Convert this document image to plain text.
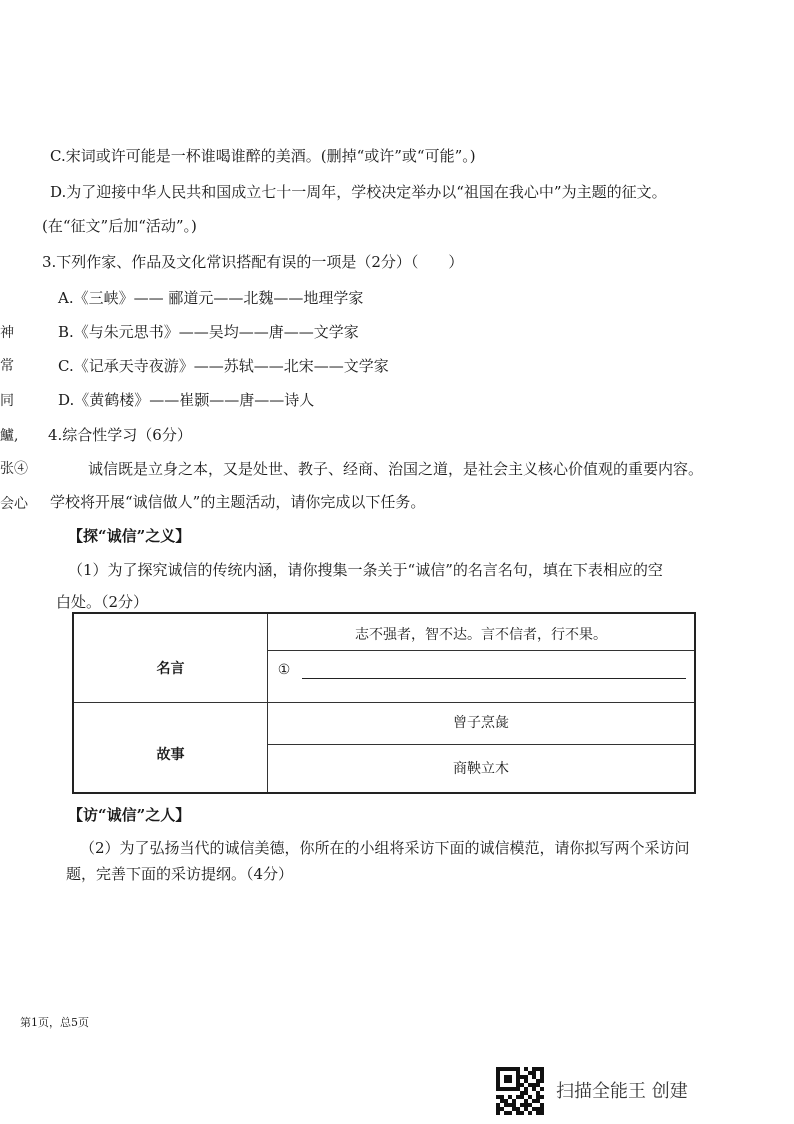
神
常
同
鱸,
张④
会心
C.宋词或许可能是一杯谁喝谁醉的美酒。(删掉“或许”或“可能”。)
D.为了迎接中华人民共和国成立七十一周年，学校决定举办以“祖国在我心中”为主题的征文。
(在“征文”后加“活动”。)
3.下列作家、作品及文化常识搭配有误的一项是（2分）（　　）
A.《三峡》—— 郦道元——北魏——地理学家
B.《与朱元思书》——吴均——唐——文学家
C.《记承天寺夜游》——苏轼——北宋——文学家
D.《黄鹤楼》——崔颢——唐——诗人
4.综合性学习（6分）
诚信既是立身之本，又是处世、教子、经商、治国之道，是社会主义核心价值观的重要内容。
学校将开展“诚信做人”的主题活动，请你完成以下任务。
【探“诚信”之义】
（1）为了探究诚信的传统内涵，请你搜集一条关于“诚信”的名言名句，填在下表相应的空
白处。（2分）
名言
志不强者，智不达。言不信者，行不果。
①
故事
曾子烹彘
商鞅立木
【访“诚信”之人】
（2）为了弘扬当代的诚信美德，你所在的小组将采访下面的诚信模范，请你拟写两个采访问
题，完善下面的采访提纲。（4分）
第1页，总5页
扫描全能王 创建
